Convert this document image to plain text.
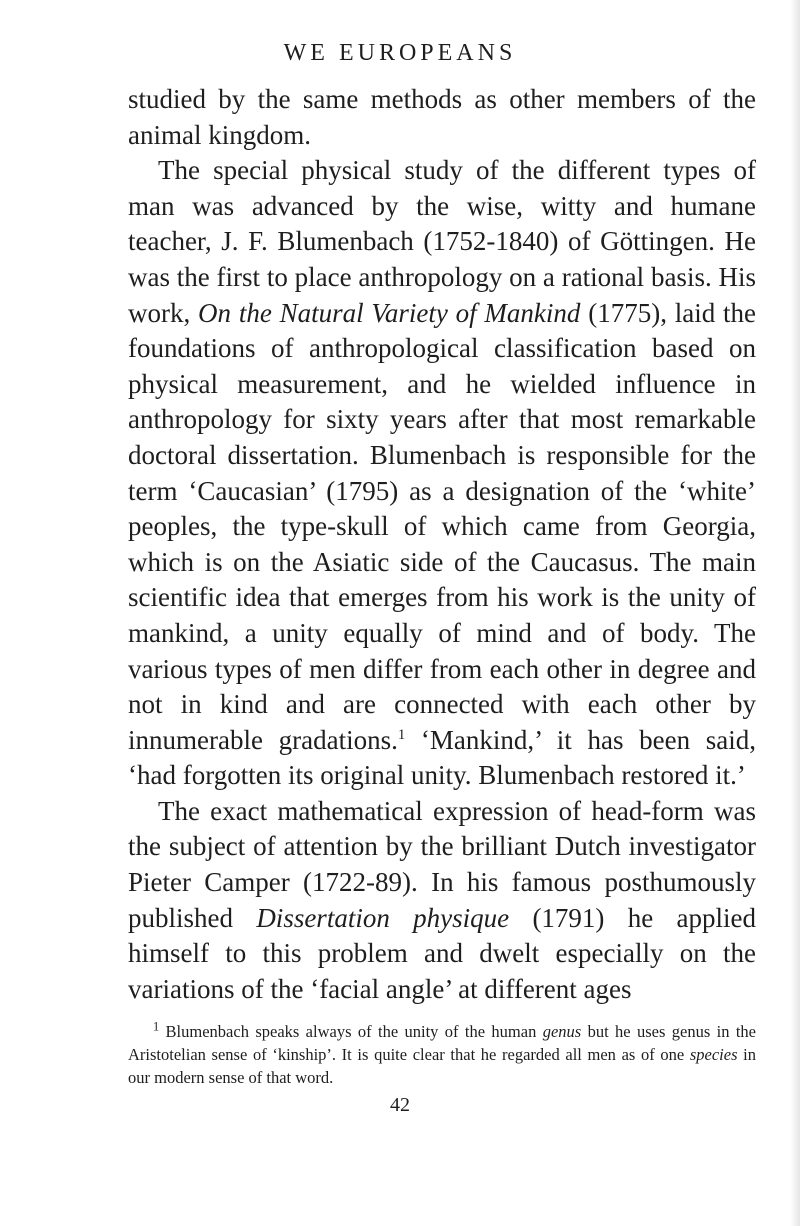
WE EUROPEANS

studied by the same methods as other members of the animal kingdom.

The special physical study of the different types of man was advanced by the wise, witty and humane teacher, J. F. Blumenbach (1752-1840) of Göttingen. He was the first to place anthropology on a rational basis. His work, On the Natural Variety of Mankind (1775), laid the foundations of anthropological classification based on physical measurement, and he wielded influence in anthropology for sixty years after that most remarkable doctoral dissertation. Blumenbach is responsible for the term ‘Caucasian’ (1795) as a designation of the ‘white’ peoples, the type-skull of which came from Georgia, which is on the Asiatic side of the Caucasus. The main scientific idea that emerges from his work is the unity of mankind, a unity equally of mind and of body. The various types of men differ from each other in degree and not in kind and are connected with each other by innumerable gradations.$^1$ ‘Mankind,’ it has been said, ‘had forgotten its original unity. Blumenbach restored it.’

The exact mathematical expression of head-form was the subject of attention by the brilliant Dutch investigator Pieter Camper (1722-89). In his famous posthumously published Dissertation physique (1791) he applied himself to this problem and dwelt especially on the variations of the ‘facial angle’ at different ages

$^1$ Blumenbach speaks always of the unity of the human genus but he uses genus in the Aristotelian sense of ‘kinship’. It is quite clear that he regarded all men as of one species in our modern sense of that word.

42
